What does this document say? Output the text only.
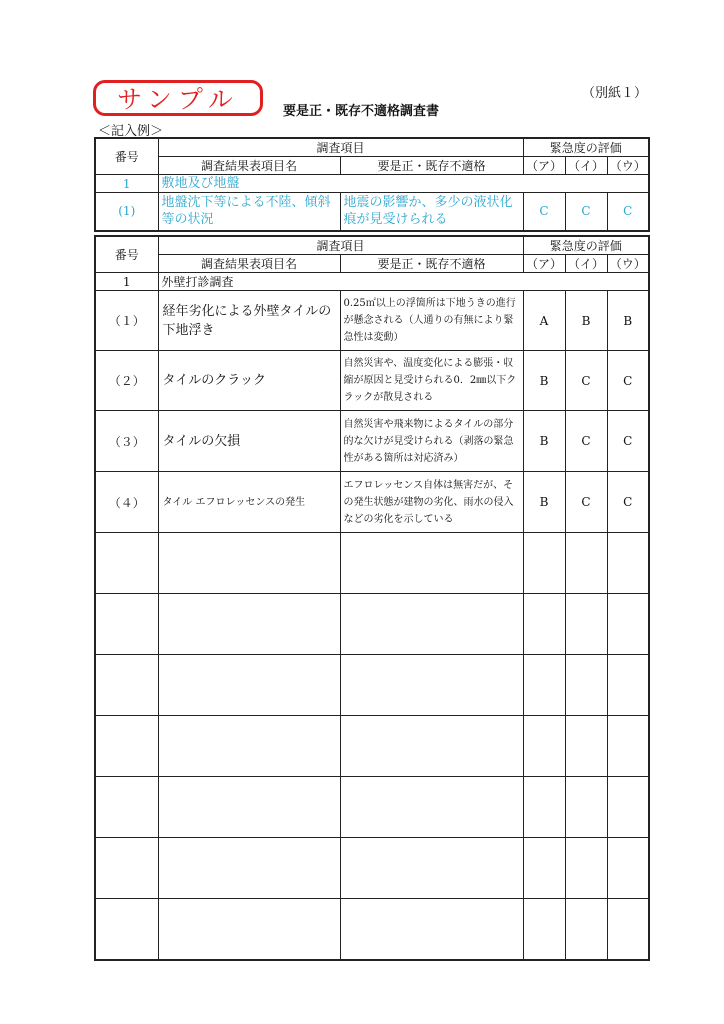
サンプル	要是正・既存不適格調査書
（別紙１）
＜記入例＞
番号	調査項目		緊急度の評価		
	調査結果表項目名	要是正・既存不適格	（ア）	（イ）	（ウ）
1	敷地及び地盤				
(1)	地盤沈下等による不陸、傾斜等の状況	地震の影響か、多少の液状化痕が見受けられる	C	C	C
番号	調査項目		緊急度の評価		
	調査結果表項目名	要是正・既存不適格	（ア）	（イ）	（ウ）
1	外壁打診調査				
（１）	経年劣化による外壁タイルの下地浮き	0.25㎡以上の浮箇所は下地うきの進行が懸念される（人通りの有無により緊急性は変動）	A	B	B
（２）	タイルのクラック	自然災害や、温度変化による膨張・収縮が原因と見受けられる0．2㎜以下クラックが散見される	B	C	C
（３）	タイルの欠損	自然災害や飛来物によるタイルの部分的な欠けが見受けられる（剥落の緊急性がある箇所は対応済み）	B	C	C
（４）	タイル エフロレッセンスの発生	エフロレッセンス自体は無害だが、その発生状態が建物の劣化、雨水の侵入などの劣化を示している	B	C	C
